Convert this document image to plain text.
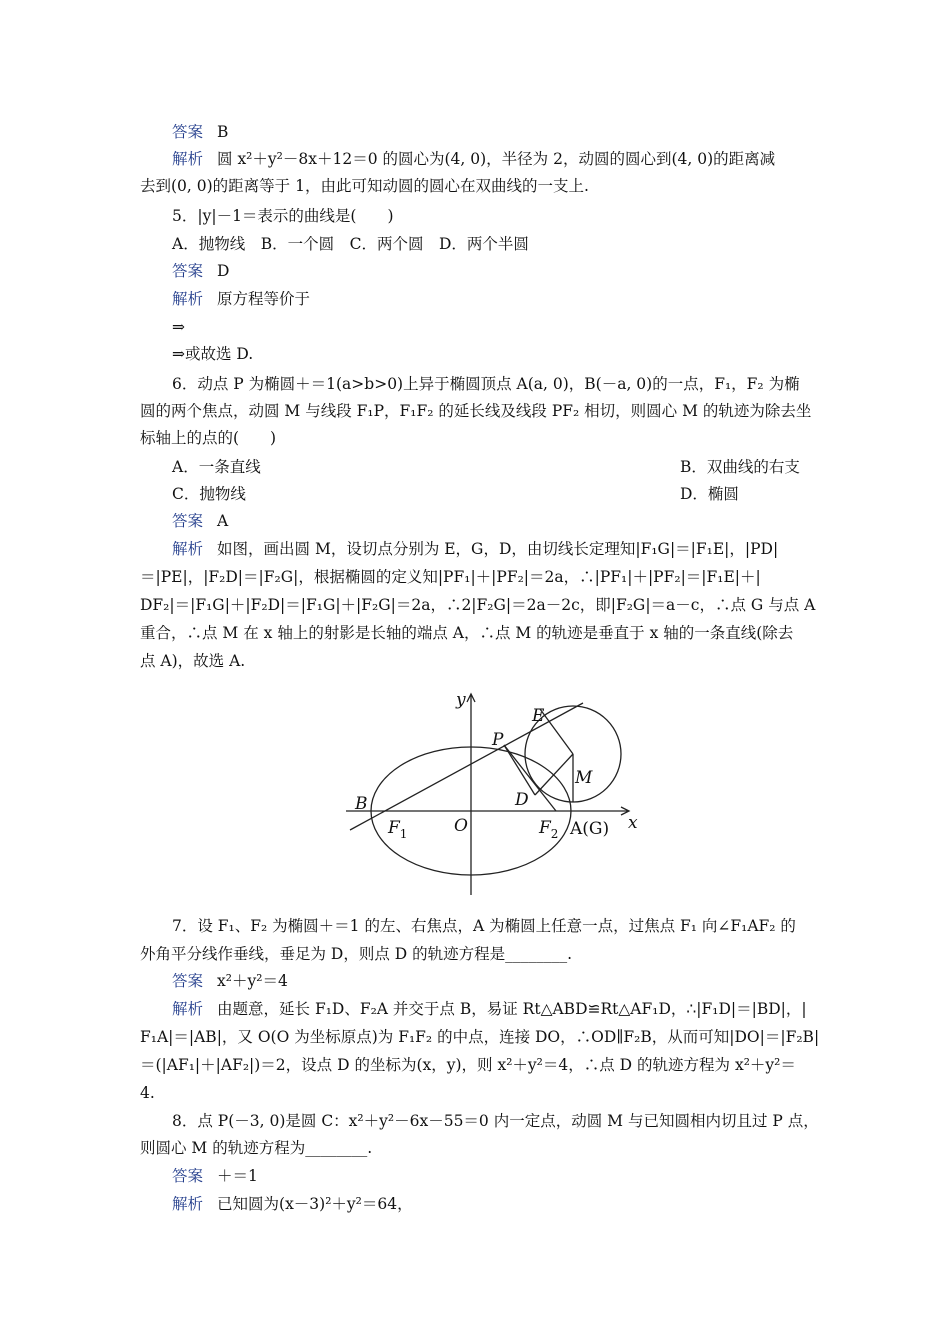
答案 B
解析 圆 x²＋y²－8x＋12＝0 的圆心为(4, 0)，半径为 2，动圆的圆心到(4, 0)的距离减
去到(0, 0)的距离等于 1，由此可知动圆的圆心在双曲线的一支上.
5．|y|－1＝表示的曲线是(　　)
A．抛物线　B．一个圆　C．两个圆　D．两个半圆
答案 D
解析 原方程等价于
⇒
⇒或故选 D.
6．动点 P 为椭圆＋＝1(a>b>0)上异于椭圆顶点 A(a, 0)，B(－a, 0)的一点，F₁，F₂ 为椭
圆的两个焦点，动圆 M 与线段 F₁P，F₁F₂ 的延长线及线段 PF₂ 相切，则圆心 M 的轨迹为除去坐
标轴上的点的(　　)
A．一条直线	B．双曲线的右支
C．抛物线	D．椭圆
答案 A
解析 如图，画出圆 M，设切点分别为 E，G，D，由切线长定理知|F₁G|＝|F₁E|，|PD|
＝|PE|，|F₂D|＝|F₂G|，根据椭圆的定义知|PF₁|＋|PF₂|＝2a，∴|PF₁|＋|PF₂|＝|F₁E|＋|
DF₂|＝|F₁G|＋|F₂D|＝|F₁G|＋|F₂G|＝2a，∴2|F₂G|＝2a－2c，即|F₂G|＝a－c，∴点 G 与点 A
重合，∴点 M 在 x 轴上的射影是长轴的端点 A，∴点 M 的轨迹是垂直于 x 轴的一条直线(除去
点 A)，故选 A.
y
x
E
P
M
D
B
O
$F_1$	$F_2$ A(G)
7．设 F₁、F₂ 为椭圆＋＝1 的左、右焦点，A 为椭圆上任意一点，过焦点 F₁ 向∠F₁AF₂ 的
外角平分线作垂线，垂足为 D，则点 D 的轨迹方程是________.
答案 x²＋y²＝4
解析 由题意，延长 F₁D、F₂A 并交于点 B，易证 Rt△ABD≌Rt△AF₁D，∴|F₁D|＝|BD|，|
F₁A|＝|AB|，又 O(O 为坐标原点)为 F₁F₂ 的中点，连接 DO，∴OD∥F₂B，从而可知|DO|＝|F₂B|
＝(|AF₁|＋|AF₂|)＝2，设点 D 的坐标为(x，y)，则 x²＋y²＝4，∴点 D 的轨迹方程为 x²＋y²＝
4.
8．点 P(－3, 0)是圆 C：x²＋y²－6x－55＝0 内一定点，动圆 M 与已知圆相内切且过 P 点，
则圆心 M 的轨迹方程为________.
答案 ＋＝1
解析 已知圆为(x－3)²＋y²＝64，
